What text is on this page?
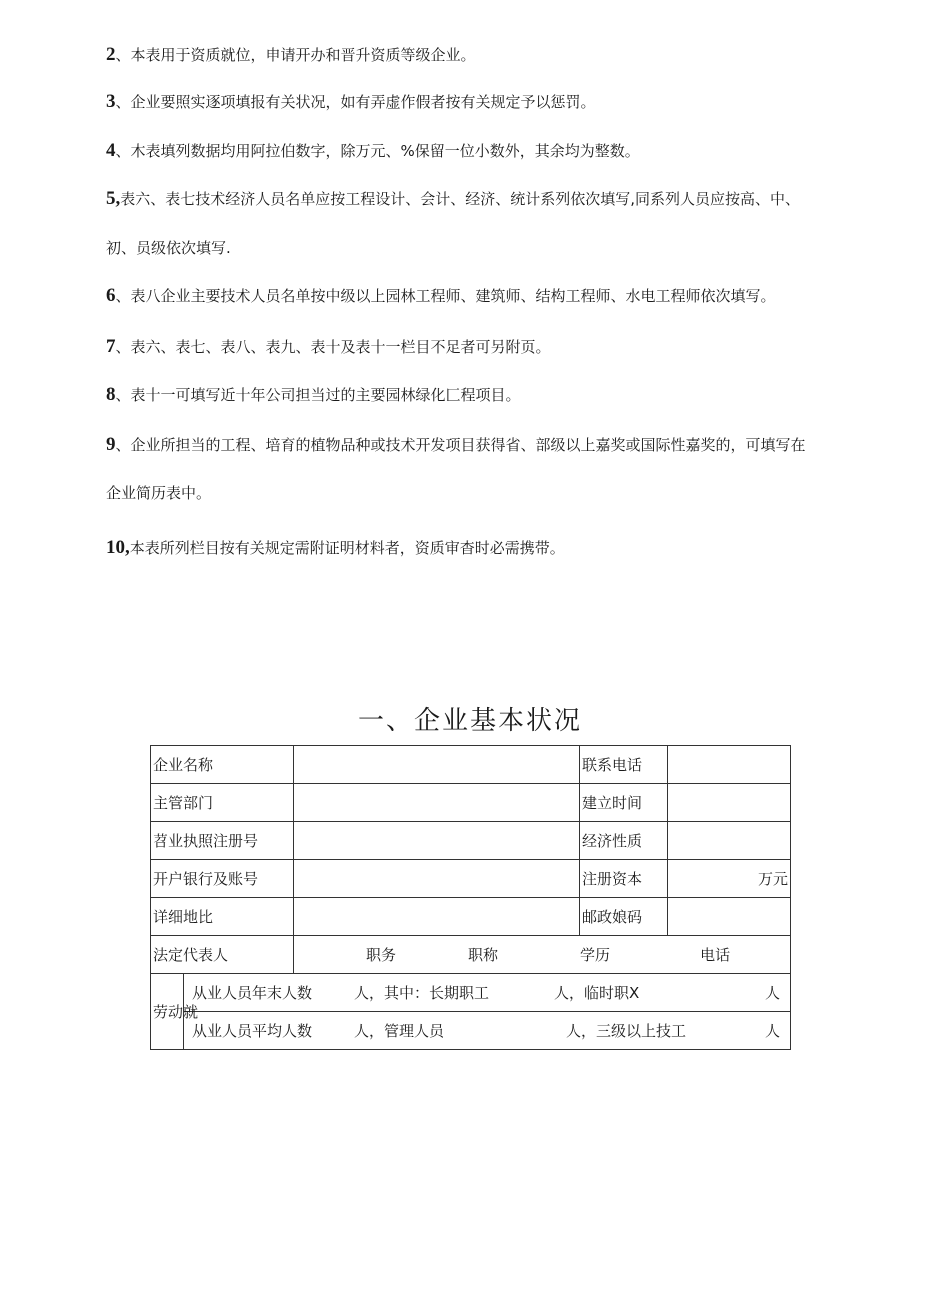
2、本表用于资质就位，申请开办和晋升资质等级企业。
3、企业要照实逐项填报有关状况，如有弄虚作假者按有关规定予以惩罚。
4、木表填列数据均用阿拉伯数字，除万元、%保留一位小数外，其余均为整数。
5,表六、表七技术经济人员名单应按工程设计、会计、经济、统计系列依次填写,同系列人员应按高、中、
初、员级依次填写.
6、表八企业主要技术人员名单按中级以上园林工程师、建筑师、结构工程师、水电工程师依次填写。
7、表六、表七、表八、表九、表十及表十一栏目不足者可另附页。
8、表十一可填写近十年公司担当过的主要园林绿化匚程项目。
9、企业所担当的工程、培育的植物品种或技术开发项目获得省、部级以上嘉奖或国际性嘉奖的，可填写在
企业简历表中。
10,本表所列栏目按有关规定需附证明材料者，资质审杳时必需携带。
一、企业基本状况
企业名称			联系电话	
主管部门			建立时间	
苕业执照注册号			经济性质	
开户银行及账号			注册资本	万元
详细地比			邮政娘码	
法定代表人		职务 职称 学历 电话		

劳动就	从业人员年末人数 人，其中：长期职工 人，临时职X 人			

	从业人员平均人数 人，管理人员 人，三级以上技工 人			
